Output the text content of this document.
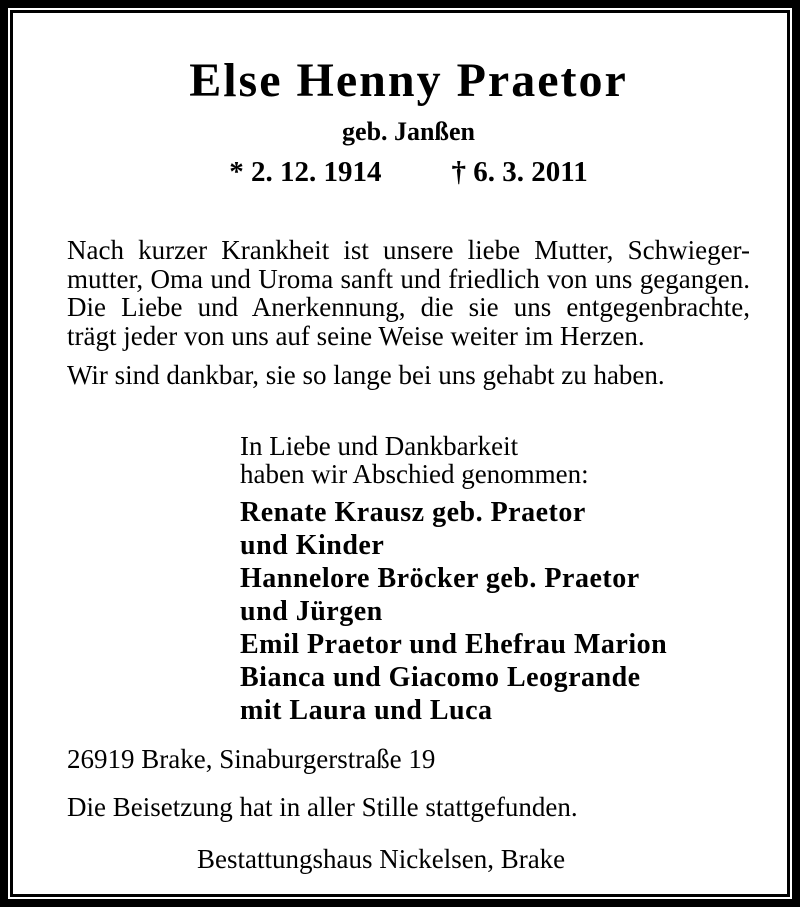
Else Henny Praetor
geb. Janßen
* 2. 12. 1914 † 6. 3. 2011
Nach kurzer Krankheit ist unsere liebe Mutter, Schwieger-
mutter, Oma und Uroma sanft und friedlich von uns gegangen.
Die Liebe und Anerkennung, die sie uns entgegenbrachte,
trägt jeder von uns auf seine Weise weiter im Herzen.
Wir sind dankbar, sie so lange bei uns gehabt zu haben.
In Liebe und Dankbarkeit
haben wir Abschied genommen:
Renate Krausz geb. Praetor
und Kinder
Hannelore Bröcker geb. Praetor
und Jürgen
Emil Praetor und Ehefrau Marion
Bianca und Giacomo Leogrande
mit Laura und Luca
26919 Brake, Sinaburgerstraße 19
Die Beisetzung hat in aller Stille stattgefunden.
Bestattungshaus Nickelsen, Brake
